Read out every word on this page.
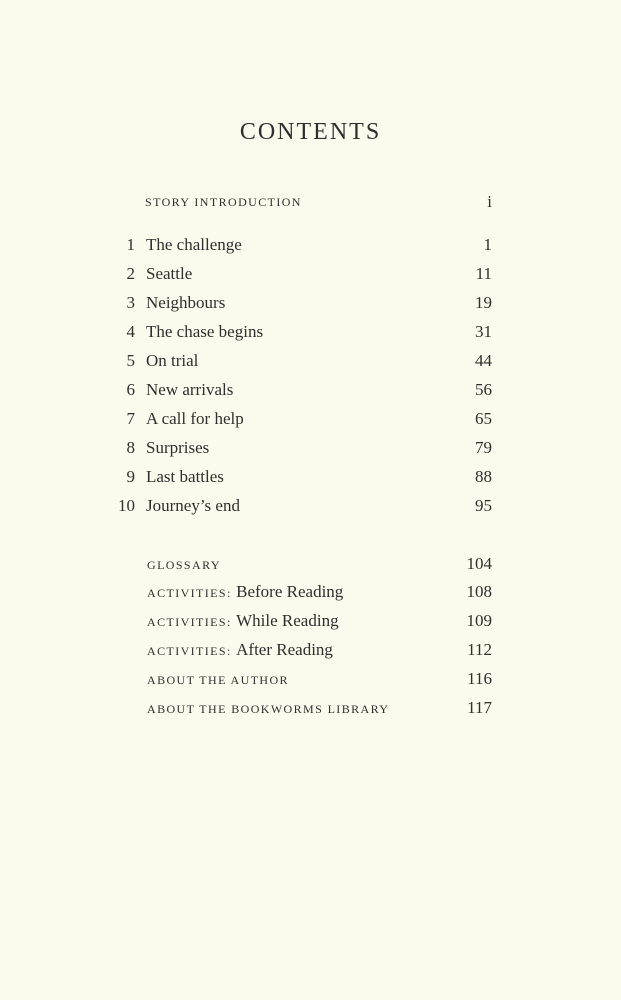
CONTENTS
STORY INTRODUCTION	i
1 The challenge	1
2 Seattle	11
3 Neighbours	19
4 The chase begins	31
5 On trial	44
6 New arrivals	56
7 A call for help	65
8 Surprises	79
9 Last battles	88
10 Journey’s end	95
GLOSSARY	104
ACTIVITIES: Before Reading	108
ACTIVITIES: While Reading	109
ACTIVITIES: After Reading	112
ABOUT THE AUTHOR	116
ABOUT THE BOOKWORMS LIBRARY	117
